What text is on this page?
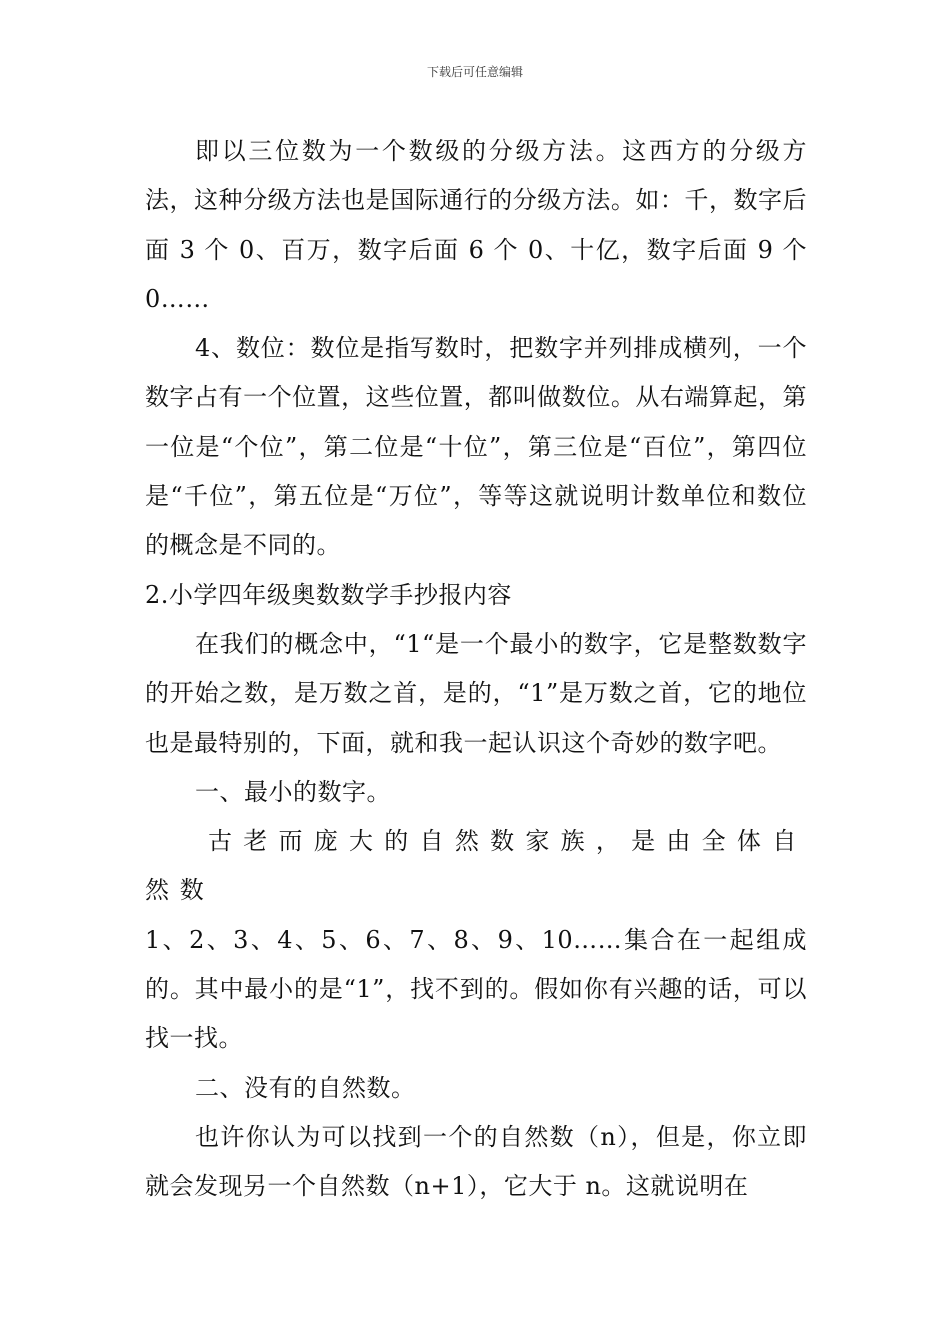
下载后可任意编辑

即以三位数为一个数级的分级方法。这西方的分级方法，这种分级方法也是国际通行的分级方法。如：千，数字后面 3 个 0、百万，数字后面 6 个 0、十亿，数字后面 9 个 0……

4、数位：数位是指写数时，把数字并列排成横列，一个数字占有一个位置，这些位置，都叫做数位。从右端算起，第一位是“个位”，第二位是“十位”，第三位是“百位”，第四位是“千位”，第五位是“万位”，等等这就说明计数单位和数位的概念是不同的。

2.小学四年级奥数数学手抄报内容

在我们的概念中，“1“是一个最小的数字，它是整数数字的开始之数，是万数之首，是的，“1”是万数之首，它的地位也是最特别的，下面，就和我一起认识这个奇妙的数字吧。

一、最小的数字。

古老而庞大的自然数家族，是由全体自然数

1、2、3、4、5、6、7、8、9、10……集合在一起组成的。其中最小的是“1”，找不到的。假如你有兴趣的话，可以找一找。

二、没有的自然数。

也许你认为可以找到一个的自然数（n），但是，你立即就会发现另一个自然数（n+1），它大于 n。这就说明在
